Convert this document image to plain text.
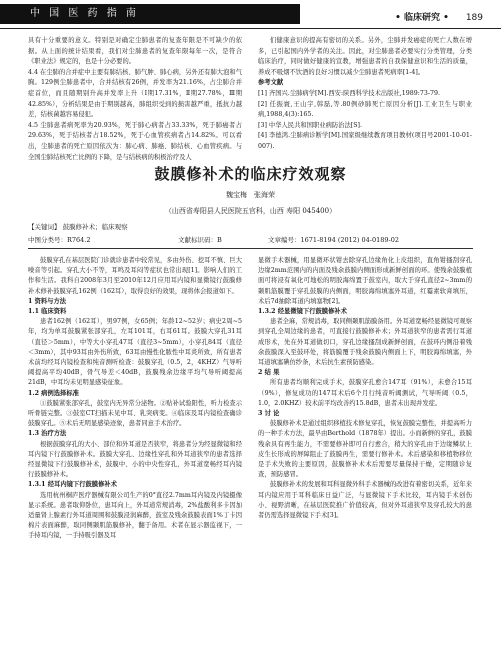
中 国 医 药 指 南 2012 年 2 月第 10 卷 第 4 期
• 临床研究 • 189

具有十分重要的意义。特别是对确定尘肺患者的复查年限是不可缺少的依据。从上面的统计结果看，我们对尘肺患者的复查年限每年一次，是符合《职业法》规定的，也是十分必要的。

4.4 在尘肺的合并症中主要有肺结核、肺气肿、肺心病，另外还有肺大泡和气胸。129例尘肺患者中，合并结核有26例，并发率为21.16%，占尘肺合并症首位，而且随期别升高并发率上升（Ⅰ期17.31%，Ⅱ期27.78%，Ⅲ期42.85%），分析结果是由于期别越高，肺组织受到的损害越严重，抵抗力越差，结核菌越容易侵犯。

4.5 尘肺患者病死率为20.93%，死于肺心病者占33.33%，死于肺癌者占29.63%，死于结核者占18.52%，死于心血管疾病者占14.82%。可以看出，尘肺患者的死亡原因依次为：肺心病、肺癌、肺结核、心血管疾病。与全国尘肺结核死亡比例的下降，是与结核病的积极治疗及人

们健康意识的提高有密切的关系。另外，尘肺并发癌症的死亡人数在增多，已引起国内外学者的关注。因此，对尘肺患者必要实行分类管理，分类临床治疗，同时做好健康的宣教，增强患者的自我保健意识和生活的质量，养成不吸烟不饮酒的良好习惯以减少尘肺患者死病率[1-4]。

参考文献

[1] 齐国兴.尘肺病学[M].西安:陕西科学技术出版社,1989:73-79.

[2] 任振寰,王山宇,韩磊,等.80例砂肺死亡原因分析[J].工业卫生与职业病,1988,4(3):165.

[3] 中华人民共和国职业病防治法[S].

[4] 李德鸿.尘肺病诊断学[M].国家级继续教育项目教材(项目号2001-10-01-007).

鼓膜修补术的临床疗效观察
魏宝梅　张海荣
（山西省寿阳县人民医院五官科，山西 寿阳 045400）
【关键词】 鼓膜修补术；临床观察
中图分类号：R764.2	文献标识码：B	文章编号：1671-8194 (2012) 04-0189-02

鼓膜穿孔在基层医院门诊就诊患者中较常见，多由外伤、挖耳不慎、巨大噪音等引起。穿孔大小不等，耳鸣及耳闷等症状也常出现[1]。影响人们的工作和生活。我科自2008年3月至2010年12月应用耳内镜和显微镜行鼓膜修补术修补鼓膜穿孔162例（162耳），取得良好的效果，现将体会报道如下。

1 资料与方法

1.1 临床资料

患者162例（162耳），男97例，女65例；年龄12~52岁；病史2周~5年，均为单耳鼓膜紧张部穿孔，左耳101耳，右耳61耳。鼓膜大穿孔31耳（直径＞5mm），中等大小穿孔47耳（直径3~5mm），小穿孔84耳（直径＜3mm），其中93耳由外伤所致，63耳由慢性化脓性中耳炎所致，所有患者术前均经耳内镜检查和纯音测听检查：鼓膜穿孔（0.5，2，4KHZ）气导听阈提高平均40dB，骨气导差＜40dB，鼓膜残余边缘平均气导听阈提高21dB，中耳均未见明显感染征象。

1.2 病例选择标准

①鼓膜紧张部穿孔，鼓室内无异常分泌物。②贴补试验阳性，听力检查示听骨链完整。③鼓室CT扫描未见中耳、乳突病变。④临床及耳内镜检查确诊鼓膜穿孔。⑤术后无明显感染迹象，患者同意手术治疗。

1.3 治疗方法

根据鼓膜穿孔的大小、部位和外耳道是否狭窄，将患者分为经显微镜和经耳内镜下行鼓膜修补术。鼓膜大穿孔、边缘性穿孔和外耳道狭窄的患者选择经显微镜下行鼓膜修补术，鼓膜中、小的中央性穿孔，外耳道宽畅经耳内镜行鼓膜修补术。

1.3.1 经耳内镜下行鼓膜修补术

选用杭州桐庐医疗器械有限公司生产的0°直径2.7mm耳内镜及内镜摄像显示系统。患者取仰卧位，患耳向上，外耳道常规消毒，2%盐酸利多卡因加适量肾上腺素行外耳道周围和鼓膜浸润麻醉，鼓室及残余鼓膜表面1%丁卡因棉片表面麻醉，取同侧颞肌筋膜修补，翻于备用。术者在显示器监视下，一手持耳内镜，一手持吸引器及耳

显微手术器械，用显微环状钳去除穿孔边缘角化上皮组织，直角钳搔刮穿孔边缘2mm范围内的内面及残余鼓膜内侧面形成新鲜创面的环。使残余鼓膜植面可将浸有氧化可地松的明胶海绵置于鼓室内，取大于穿孔直径2~3mm的颞肌筋膜覆于穿孔鼓膜的内侧面，明胶海绵填塞外耳道，红霉素软膏填压，术后7d抽除耳道内填塞物[2]。

1.3.2 经显微镜下行鼓膜修补术

患者全麻，常规消毒，取同侧颞肌筋膜备用。外耳道宽畅经显微镜可观察到穿孔全周边缘的患者，可直接行鼓膜修补术；外耳道狭窄的患者需行耳道成形术，先在外耳道做切口，穿孔边缘搔刮成新鲜创面，在鼓环内侧沿着残余鼓膜深入至鼓环处，将筋膜覆于残余鼓膜内侧面上下，明胶海绵填塞，外耳道填塞碘仿纱条，术后抗生素预防感染。

2 结 果

所有患者均顺利完成手术，鼓膜穿孔愈合147耳（91%），未愈合15耳（9%），修复成功的147耳术后6个月行纯音听阈测试，气导听阈（0.5，1.0，2.0KHZ）较术前平均改善约15.8dB，患者未出现并发症。

3 讨 论

鼓膜修补术是通过组织移植技术修复穿孔，恢复鼓膜完整性，并提高听力的一种手术方法，最早由Berthold（1878年）提出。小而新鲜的穿孔，鼓膜残余具有再生能力，不需要修补即可自行愈合，稍大的穿孔由于边缘鳞状上皮生长形成的屏障阻止了鼓膜再生，需要行修补术。术后感染和移植物移位是手术失败的主要原因，鼓膜修补术术后需要尽量保持干燥，定期随诊复查，预防感冒。

鼓膜修补术的发展和耳科显微外科手术器械的改进有着密切关系，近年来耳内镜应用于耳科临床日益广泛，与显微镜下手术比较，耳内镜手术创伤小、视野清晰，在基层医院推广价值较高，但对外耳道狭窄及穿孔较大的患者仍需选择显微镜下手术[3]。
